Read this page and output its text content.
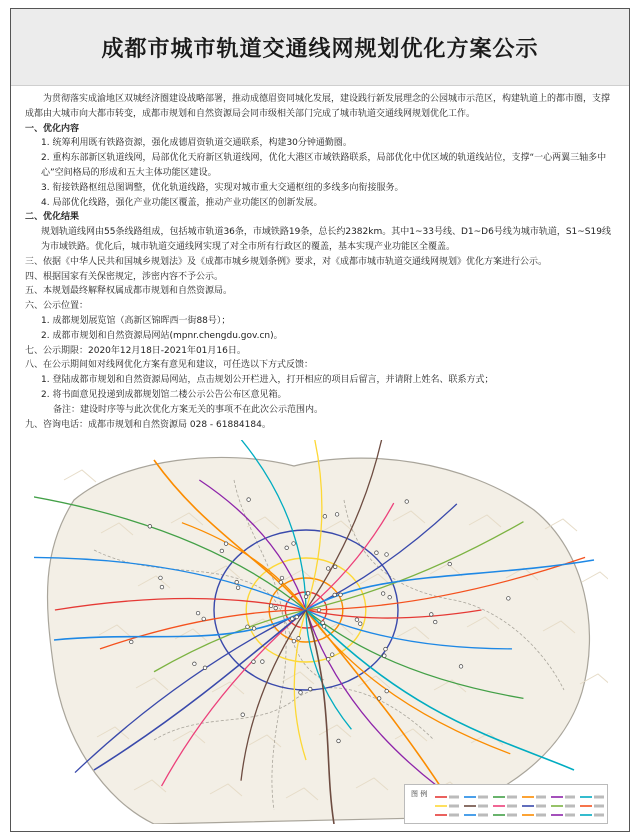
成都市城市轨道交通线网规划优化方案公示

为贯彻落实成渝地区双城经济圈建设战略部署，推动成德眉资同城化发展，建设践行新发展理念的公园城市示范区，构建轨道上的都市圈，支撑成都由大城市向大都市转变，成都市规划和自然资源局会同市级相关部门完成了城市轨道交通线网规划优化工作。

一、优化内容

1. 统筹利用既有铁路资源，强化成德眉资轨道交通联系，构建30分钟通勤圈。

2. 重构东部新区轨道线网，局部优化天府新区轨道线网，优化大港区市域铁路联系，局部优化中优区域的轨道线站位，支撑“一心两翼三轴多中心”空间格局的形成和五大主体功能区建设。

3. 衔接铁路枢纽总图调整，优化轨道线路，实现对城市重大交通枢纽的多线多向衔接服务。

4. 局部优化线路，强化产业功能区覆盖，推动产业功能区的创新发展。

二、优化结果

规划轨道线网由55条线路组成，包括城市轨道36条，市域铁路19条，总长约2382km。其中1~33号线、D1~D6号线为城市轨道，S1~S19线为市域铁路。优化后，城市轨道交通线网实现了对全市所有行政区的覆盖，基本实现产业功能区全覆盖。

三、依据《中华人民共和国城乡规划法》及《成都市城乡规划条例》要求，对《成都市城市轨道交通线网规划》优化方案进行公示。

四、根据国家有关保密规定，涉密内容不予公示。

五、本规划最终解释权属成都市规划和自然资源局。

六、公示位置：

1. 成都规划展览馆（高新区锦晖西一街88号）；

2. 成都市规划和自然资源局网站(mpnr.chengdu.gov.cn)。

七、公示期限：2020年12月18日-2021年01月16日。

八、在公示期间如对线网优化方案有意见和建议，可任选以下方式反馈：

1. 登陆成都市规划和自然资源局网站，点击规划公开栏进入，打开相应的项目后留言，并请附上姓名、联系方式；

2. 将书面意见投递到成都规划馆二楼公示公告公布区意见箱。

备注：建设时序等与此次优化方案无关的事项不在此次公示范围内。

九、咨询电话：成都市规划和自然资源局 028 - 61884184。

图 例
